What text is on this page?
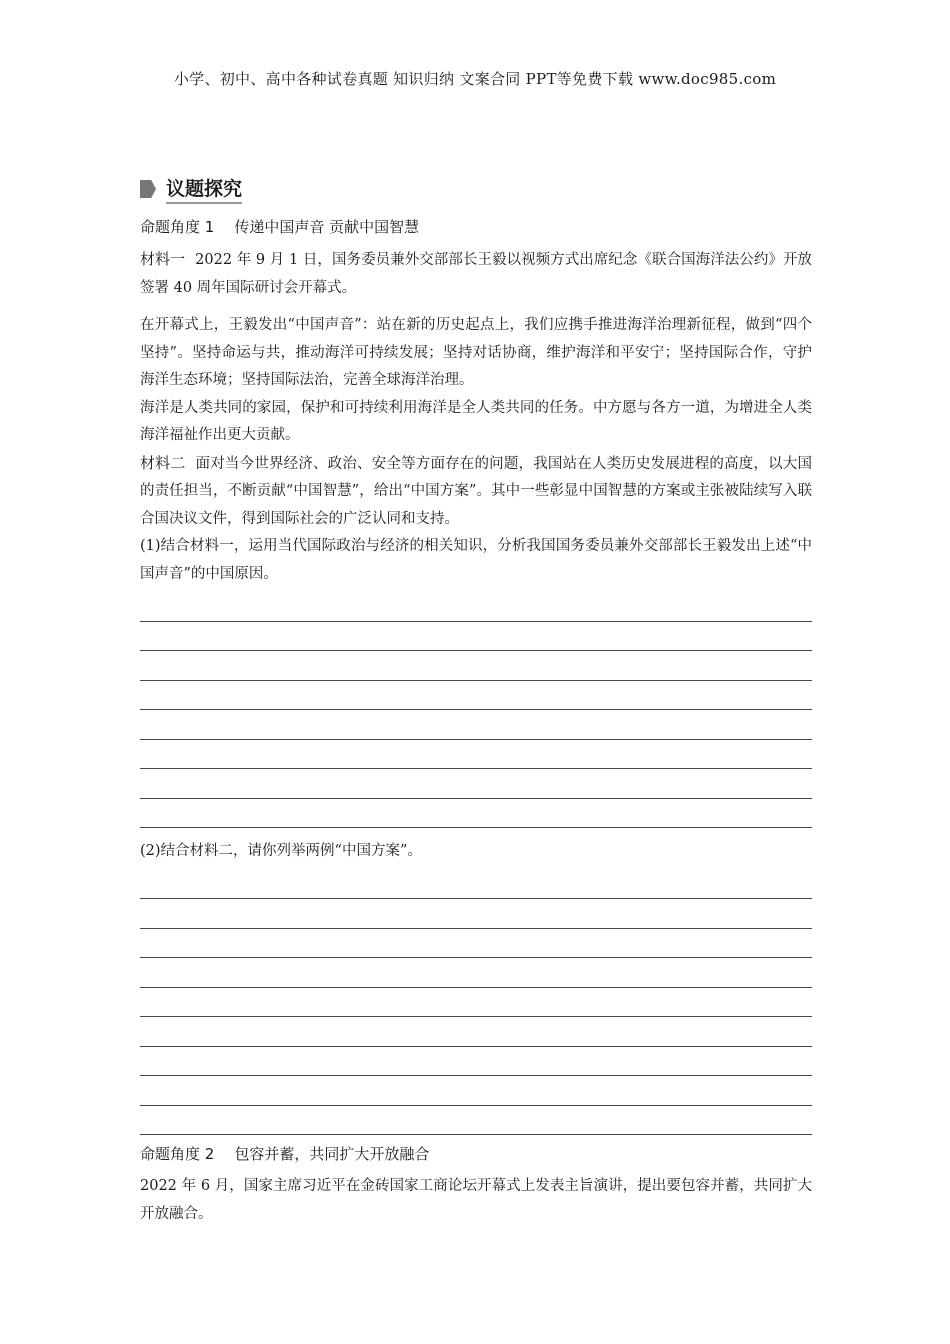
小学、初中、高中各种试卷真题 知识归纳 文案合同 PPT等免费下载 www.doc985.com
议题探究
命题角度 1 传递中国声音 贡献中国智慧

材料一 2022 年 9 月 1 日，国务委员兼外交部部长王毅以视频方式出席纪念《联合国海洋法公约》开放签署 40 周年国际研讨会开幕式。

在开幕式上，王毅发出“中国声音”：站在新的历史起点上，我们应携手推进海洋治理新征程，做到“四个坚持”。坚持命运与共，推动海洋可持续发展；坚持对话协商，维护海洋和平安宁；坚持国际合作，守护海洋生态环境；坚持国际法治，完善全球海洋治理。

海洋是人类共同的家园，保护和可持续利用海洋是全人类共同的任务。中方愿与各方一道，为增进全人类海洋福祉作出更大贡献。

材料二 面对当今世界经济、政治、安全等方面存在的问题，我国站在人类历史发展进程的高度，以大国的责任担当，不断贡献“中国智慧”，给出“中国方案”。其中一些彰显中国智慧的方案或主张被陆续写入联合国决议文件，得到国际社会的广泛认同和支持。

(1)结合材料一，运用当代国际政治与经济的相关知识，分析我国国务委员兼外交部部长王毅发出上述“中国声音”的中国原因。

(2)结合材料二，请你列举两例“中国方案”。

命题角度 2 包容并蓄，共同扩大开放融合

2022 年 6 月，国家主席习近平在金砖国家工商论坛开幕式上发表主旨演讲，提出要包容并蓄，共同扩大开放融合。
